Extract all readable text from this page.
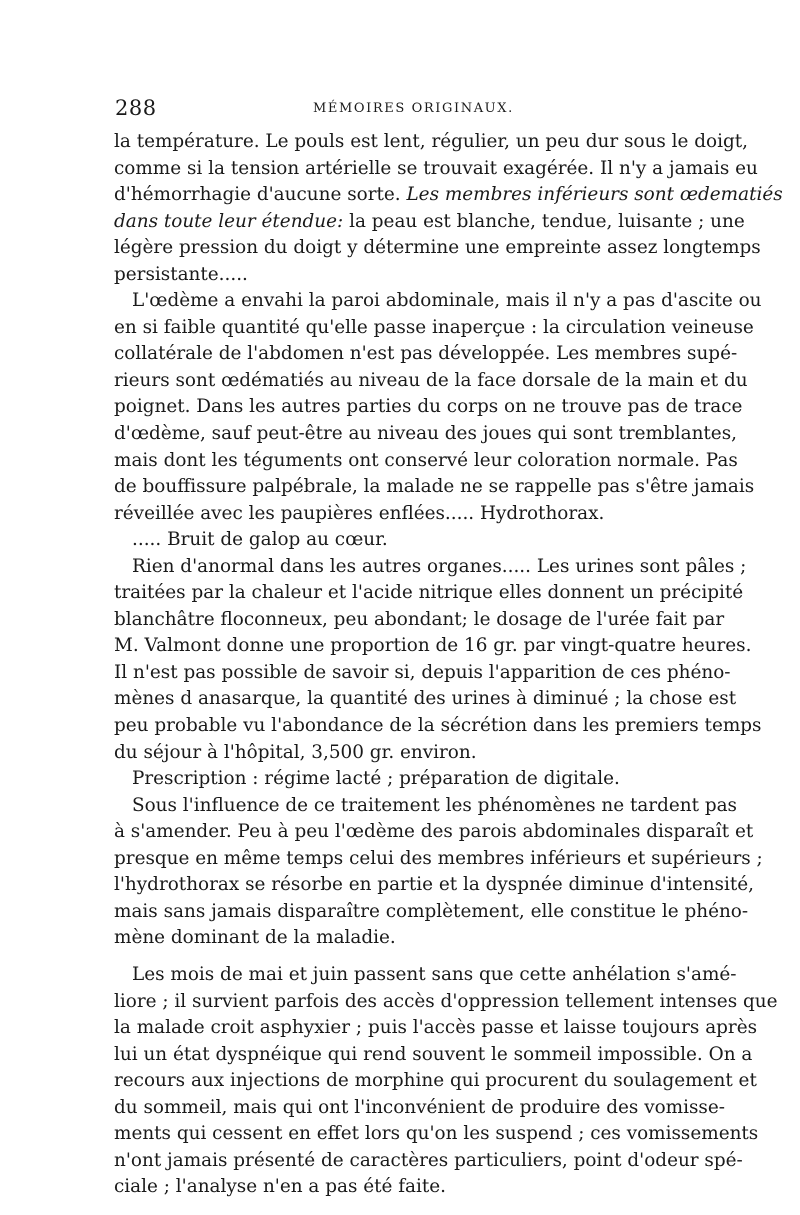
288	MÉMOIRES ORIGINAUX.
la température. Le pouls est lent, régulier, un peu dur sous le doigt,
comme si la tension artérielle se trouvait exagérée. Il n'y a jamais eu
d'hémorrhagie d'aucune sorte. Les membres inférieurs sont œdematiés
dans toute leur étendue: la peau est blanche, tendue, luisante ; une
légère pression du doigt y détermine une empreinte assez longtemps
persistante.....
L'œdème a envahi la paroi abdominale, mais il n'y a pas d'ascite ou
en si faible quantité qu'elle passe inaperçue : la circulation veineuse
collatérale de l'abdomen n'est pas développée. Les membres supé-
rieurs sont œdématiés au niveau de la face dorsale de la main et du
poignet. Dans les autres parties du corps on ne trouve pas de trace
d'œdème, sauf peut-être au niveau des joues qui sont tremblantes,
mais dont les téguments ont conservé leur coloration normale. Pas
de bouffissure palpébrale, la malade ne se rappelle pas s'être jamais
réveillée avec les paupières enflées..... Hydrothorax.
..... Bruit de galop au cœur.
Rien d'anormal dans les autres organes..... Les urines sont pâles ;
traitées par la chaleur et l'acide nitrique elles donnent un précipité
blanchâtre floconneux, peu abondant; le dosage de l'urée fait par
M. Valmont donne une proportion de 16 gr. par vingt-quatre heures.
Il n'est pas possible de savoir si, depuis l'apparition de ces phéno-
mènes d anasarque, la quantité des urines à diminué ; la chose est
peu probable vu l'abondance de la sécrétion dans les premiers temps
du séjour à l'hôpital, 3,500 gr. environ.
Prescription : régime lacté ; préparation de digitale.
Sous l'influence de ce traitement les phénomènes ne tardent pas
à s'amender. Peu à peu l'œdème des parois abdominales disparaît et
presque en même temps celui des membres inférieurs et supérieurs ;
l'hydrothorax se résorbe en partie et la dyspnée diminue d'intensité,
mais sans jamais disparaître complètement, elle constitue le phéno-
mène dominant de la maladie.
Les mois de mai et juin passent sans que cette anhélation s'amé-
liore ; il survient parfois des accès d'oppression tellement intenses que
la malade croit asphyxier ; puis l'accès passe et laisse toujours après
lui un état dyspnéique qui rend souvent le sommeil impossible. On a
recours aux injections de morphine qui procurent du soulagement et
du sommeil, mais qui ont l'inconvénient de produire des vomisse-
ments qui cessent en effet lors qu'on les suspend ; ces vomissements
n'ont jamais présenté de caractères particuliers, point d'odeur spé-
ciale ; l'analyse n'en a pas été faite.
